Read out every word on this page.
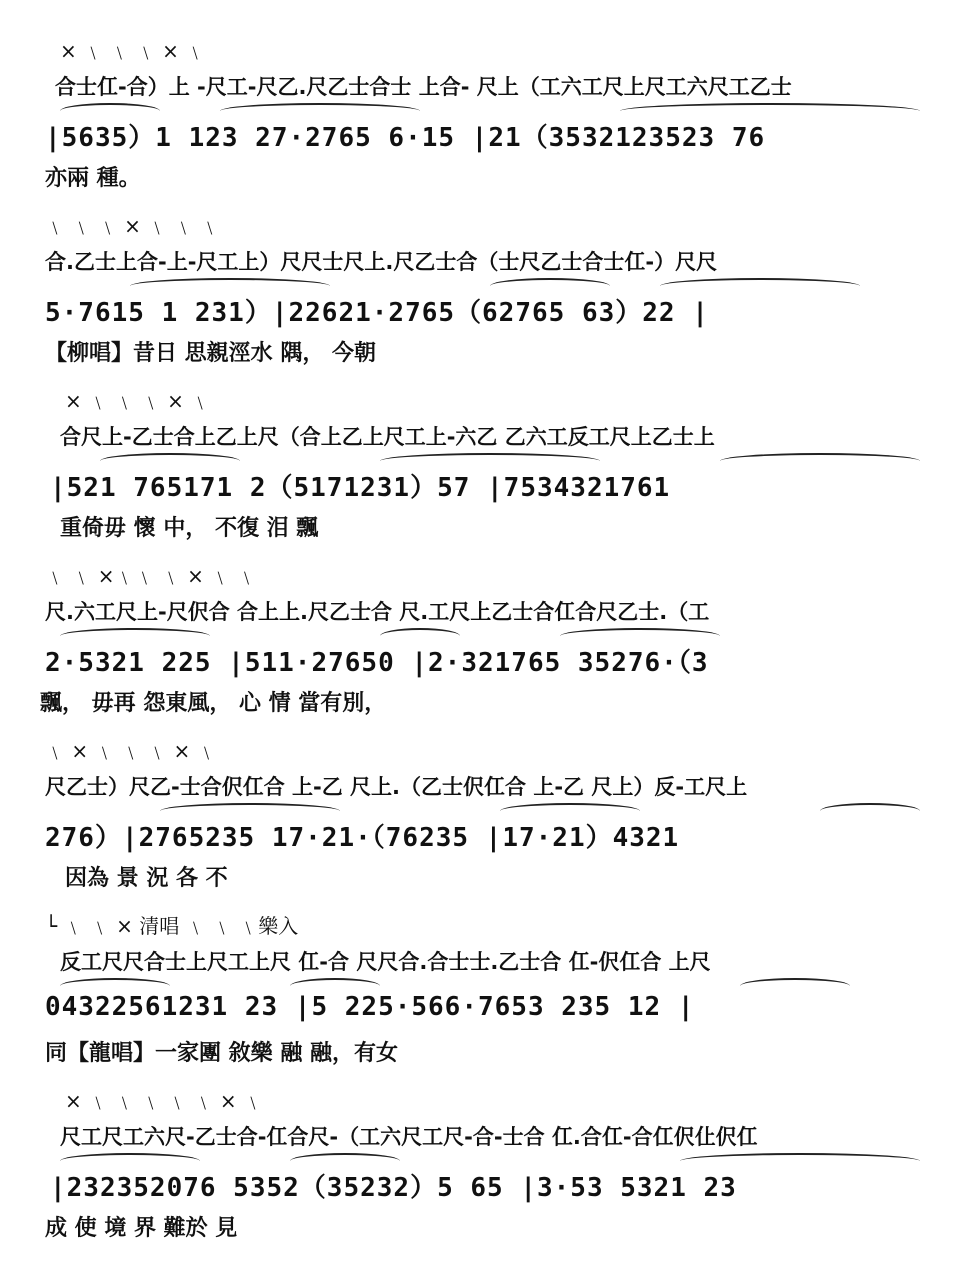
× ﹨ ﹨ ﹨ × ﹨
合士仜-合）上 -尺工-尺乙.尺乙士合士 上合- 尺上（工六工尺上尺工六尺工乙士
|5635）1 123 27·2765 6·15 |21（3532123523 76
亦兩 種。
﹨ ﹨ ﹨ × ﹨ ﹨ ﹨
合.乙士上合-上-尺工上）尺尺士尺上.尺乙士合（士尺乙士合士仜-）尺尺
5·7615 1 231）|22621·2765（62765 63）22 |
【柳唱】昔日 思親涇水 隅， 今朝
× ﹨ ﹨ ﹨ × ﹨
合尺上-乙士合上乙上尺（合上乙上尺工上-六乙 乙六工反工尺上乙士上
|521 765171 2（5171231）57 |7534321761
重倚毋 懷 中， 不復 泪 飄
﹨ ﹨ ×﹨﹨ ﹨ × ﹨ ﹨
尺.六工尺上-尺伬合 合上上.尺乙士合 尺.工尺上乙士合仜合尺乙士.（工
2·5321 225 |511·27650 |2·321765 35276·（3
飄， 毋再 怨東風， 心 情 當有別，
﹨ × ﹨ ﹨ ﹨ × ﹨
尺乙士）尺乙-士合伬仜合 上-乙 尺上.（乙士伬仜合 上-乙 尺上）反-工尺上
276）|2765235 17·21·（76235 |17·21）4321
因為 景 況 各 不
└ ﹨ ﹨ × 清唱 ﹨ ﹨ ﹨樂入
反工尺尺合士上尺工上尺 仜-合 尺尺合.合士士.乙士合 仜-伬仜合 上尺
04322561231 23 |5 225·566·7653 235 12 |
同【龍唱】一家團 敘樂 融 融，有女
× ﹨ ﹨ ﹨ ﹨ ﹨ × ﹨
尺工尺工六尺-乙士合-仜合尺-（工六尺工尺-合-士合 仜.合仜-合仜伬仩伬仜
|232352076 5352（35232）5 65 |3·53 5321 23
成 使 境 界 難於 見
